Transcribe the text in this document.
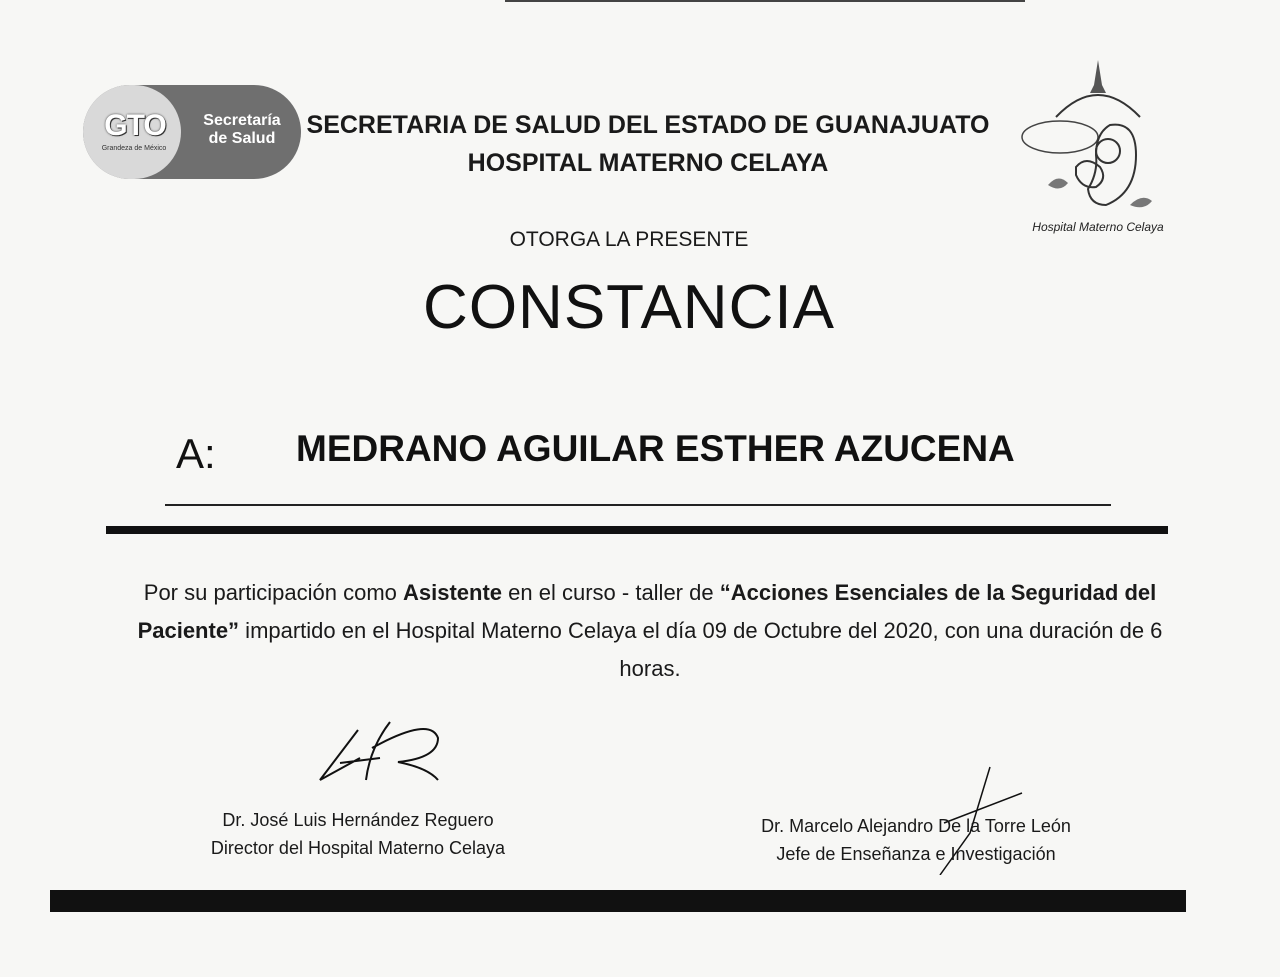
GTO
Grandeza de México
Secretaría
de Salud	SECRETARIA DE SALUD DEL ESTADO DE GUANAJUATO
HOSPITAL MATERNO CELAYA
Hospital Materno Celaya
OTORGA LA PRESENTE
CONSTANCIA
A: MEDRANO AGUILAR ESTHER AZUCENA
Por su participación como Asistente en el curso - taller de “Acciones Esenciales de la Seguridad del Paciente” impartido en el Hospital Materno Celaya el día 09 de Octubre del 2020, con una duración de 6 horas.
Dr. José Luis Hernández Reguero
Director del Hospital Materno Celaya
Dr. Marcelo Alejandro De la Torre León
Jefe de Enseñanza e Investigación
